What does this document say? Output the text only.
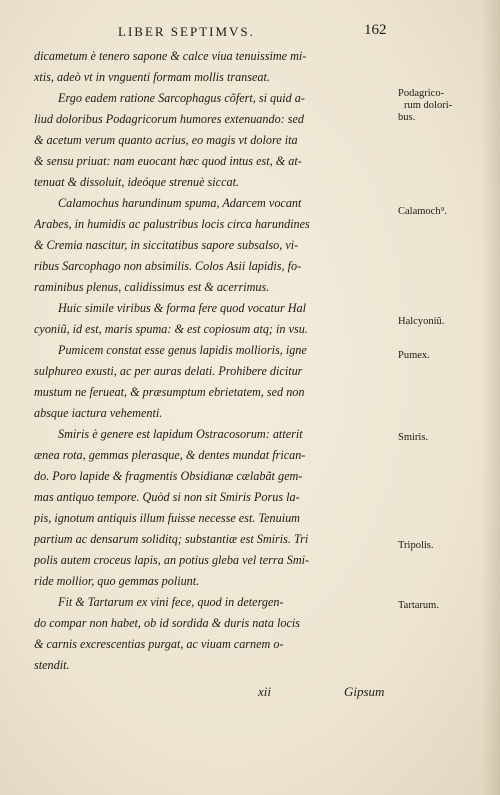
LIBER SEPTIMVS.	162
dicametum è tenero sapone & calce viua tenuissime mi-
xtis, adeò vt in vnguenti formam mollis transeat.
Ergo eadem ratione Sarcophagus cõfert, si quid a-
liud doloribus Podagricorum humores extenuando: sed
& acetum verum quanto acrius, eo magis vt dolore ita
& sensu priuat: nam euocant hæc quod intus est, & at-
tenuat & dissoluit, ideóque strenuè siccat.
Calamochus harundinum spuma, Adarcem vocant
Arabes, in humidis ac palustribus locis circa harundines
& Cremia nascitur, in siccitatibus sapore subsalso, vi-
ribus Sarcophago non absimilis. Colos Asii lapidis, fo-
raminibus plenus, calidissimus est & acerrimus.
Huic simile viribus & forma fere quod vocatur Hal
cyoniũ, id est, maris spuma: & est copiosum atq; in vsu.
Pumicem constat esse genus lapidis mollioris, igne
sulphureo exusti, ac per auras delati. Prohibere dicitur
mustum ne ferueat, & præsumptum ebrietatem, sed non
absque iactura vehementi.
Smiris è genere est lapidum Ostracosorum: atterit
ænea rota, gemmas plerasque, & dentes mundat frican-
do. Poro lapide & fragmentis Obsidianæ cælabãt gem-
mas antiquo tempore. Quòd si non sit Smiris Porus la-
pis, ignotum antiquis illum fuisse necesse est. Tenuium
partium ac densarum soliditq; substantiæ est Smiris. Tri
polis autem croceus lapis, an potius gleba vel terra Smi-
ride mollior, quo gemmas poliunt.
Fit & Tartarum ex vini fece, quod in detergen-
do compar non habet, ob id sordida & duris nata locis
& carnis excrescentias purgat, ac viuam carnem o-
stendit.
Podagrico-
rum dolori-
bus.
Calamoch⁹.
Halcyoniũ.
Pumex.
Smiris.
Tripolis.
Tartarum.
xii	Gipsum
